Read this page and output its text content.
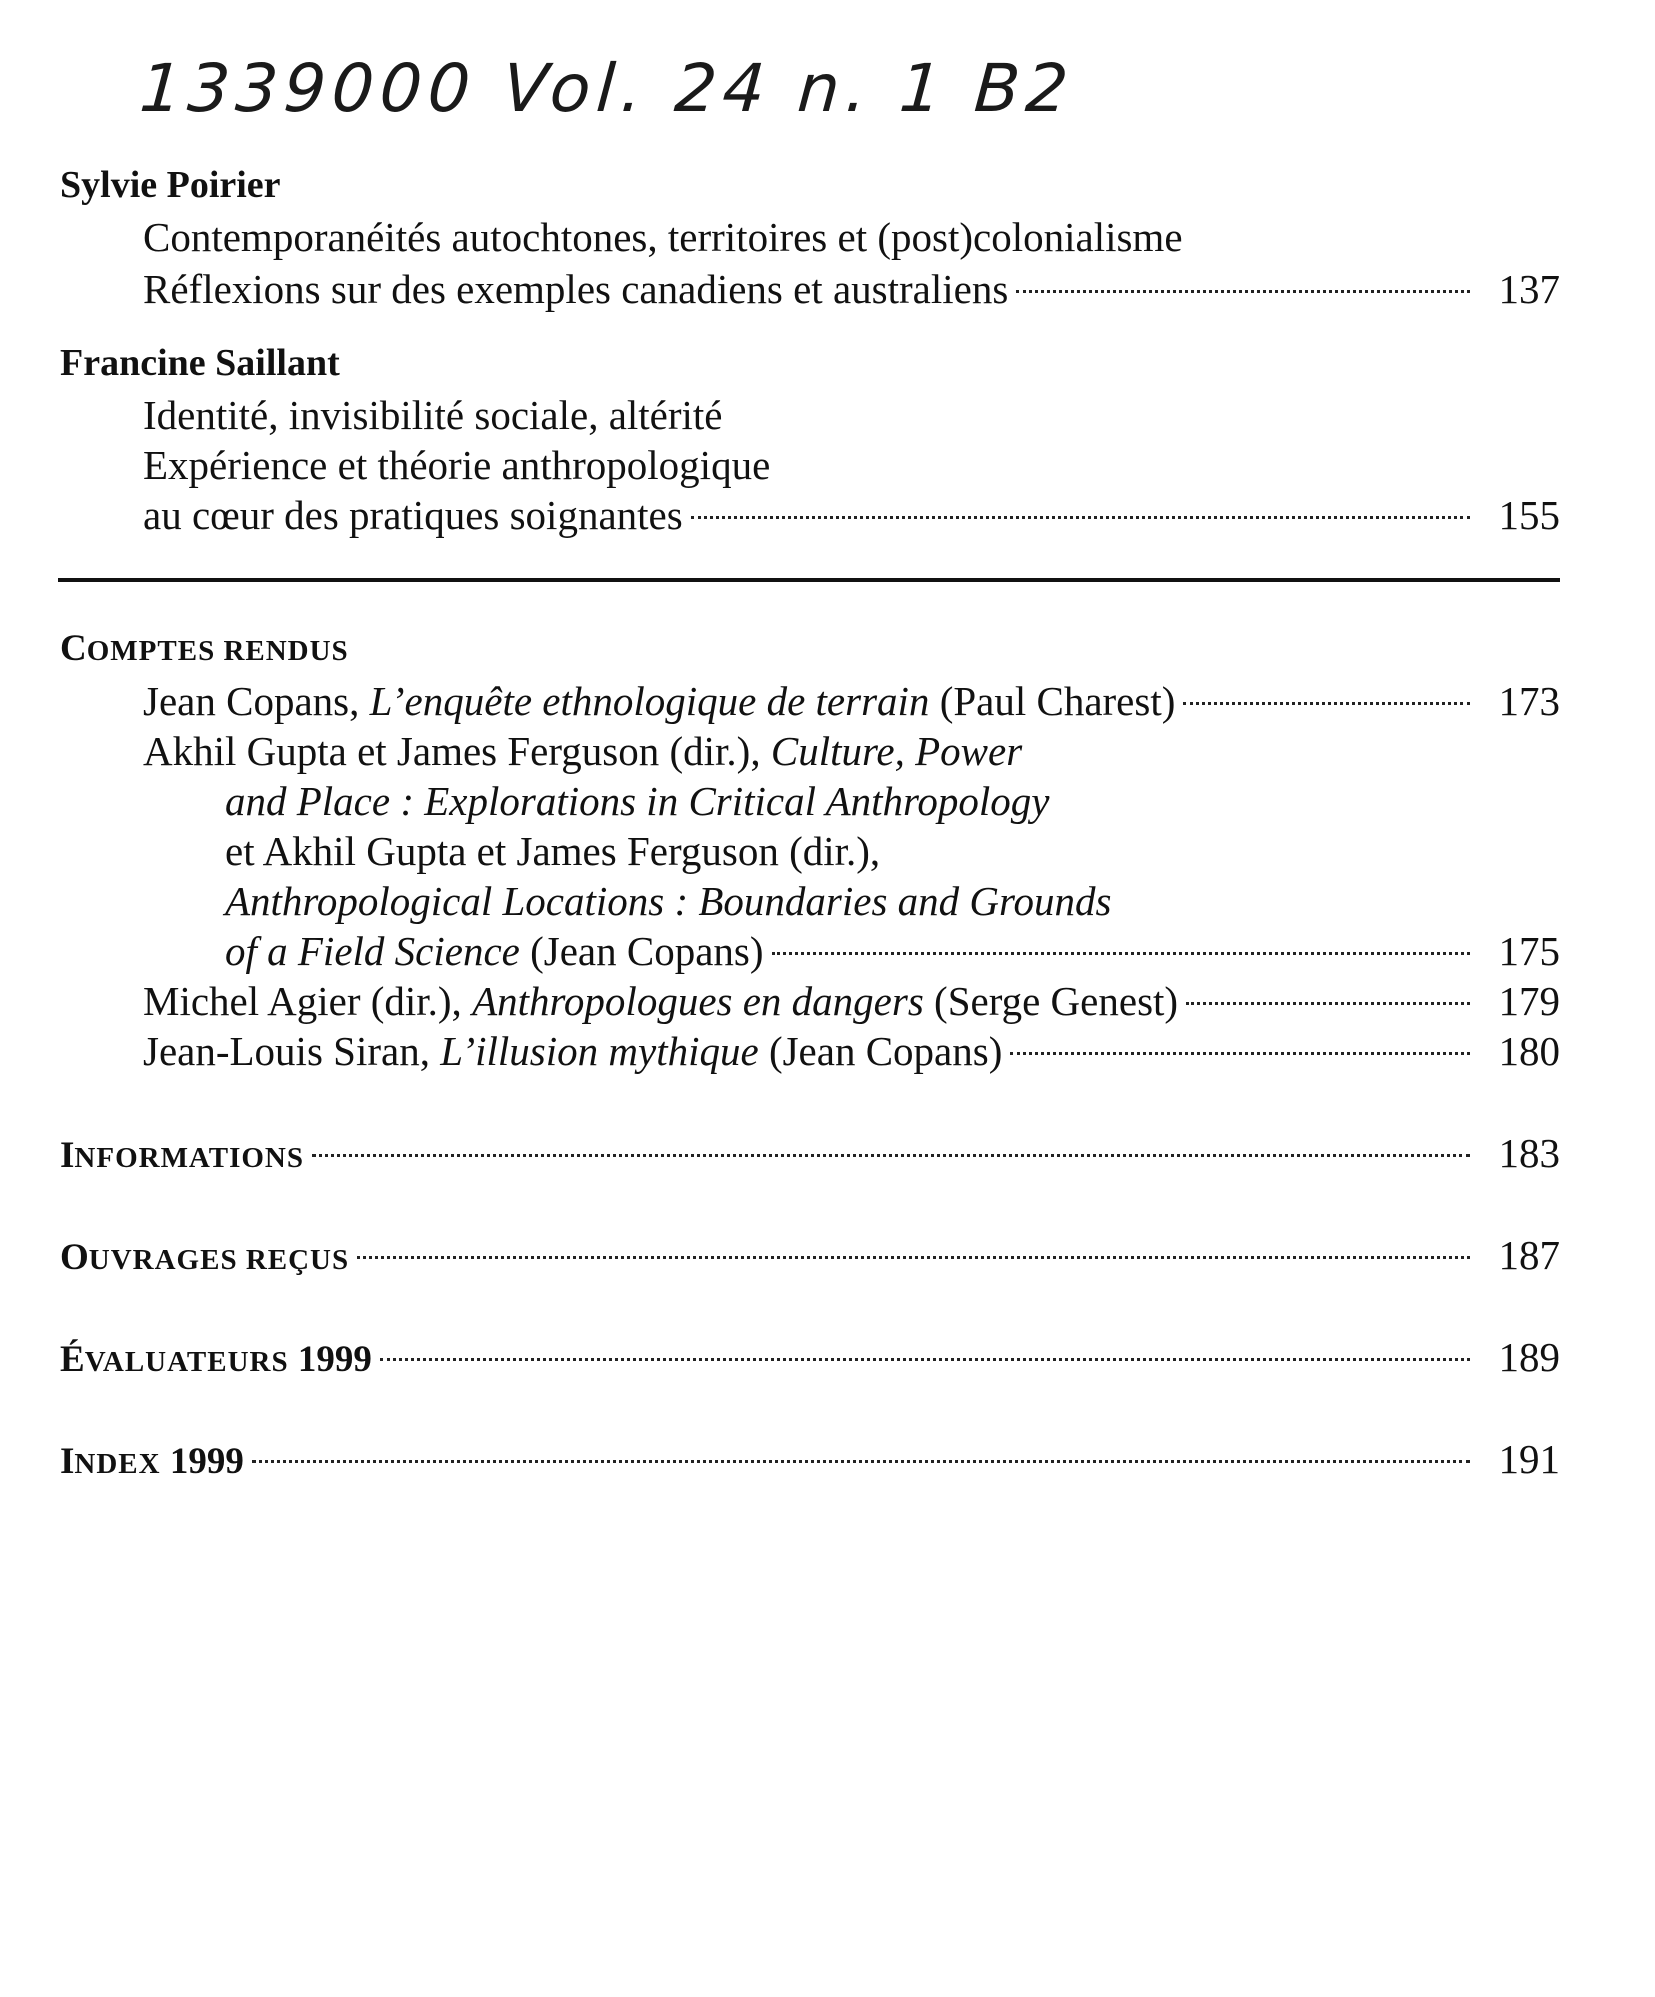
1339000 Vol. 24 n. 1 B2
Sylvie Poirier
Contemporanéités autochtones, territoires et (post)colonialisme
Réflexions sur des exemples canadiens et australiens	137
Francine Saillant
Identité, invisibilité sociale, altérité
Expérience et théorie anthropologique
au cœur des pratiques soignantes	155
COMPTES RENDUS
Jean Copans, L’enquête ethnologique de terrain (Paul Charest)	173
Akhil Gupta et James Ferguson (dir.), Culture, Power
and Place : Explorations in Critical Anthropology
et Akhil Gupta et James Ferguson (dir.),
Anthropological Locations : Boundaries and Grounds
of a Field Science (Jean Copans)	175
Michel Agier (dir.), Anthropologues en dangers (Serge Genest)	179
Jean-Louis Siran, L’illusion mythique (Jean Copans)	180
INFORMATIONS	183
OUVRAGES REÇUS	187
ÉVALUATEURS 1999	189
INDEX 1999	191
